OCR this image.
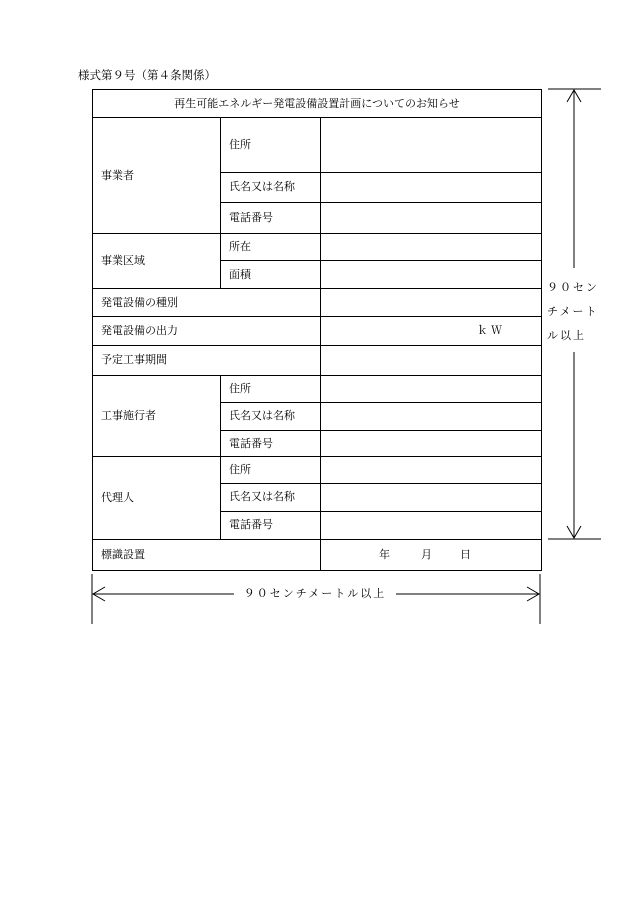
様式第９号（第４条関係）
再生可能エネルギー発電設備設置計画についてのお知らせ		
事業者	住所	
	氏名又は名称	
	電話番号	
事業区域	所在	
	面積	
発電設備の種別		
発電設備の出力		ｋＷ

予定工事期間		
工事施行者	住所	
	氏名又は名称	
	電話番号	
代理人	住所	
	氏名又は名称	
	電話番号	
標識設置		年 月 日
９０セン
チメート
ル以上
９０センチメートル以上
